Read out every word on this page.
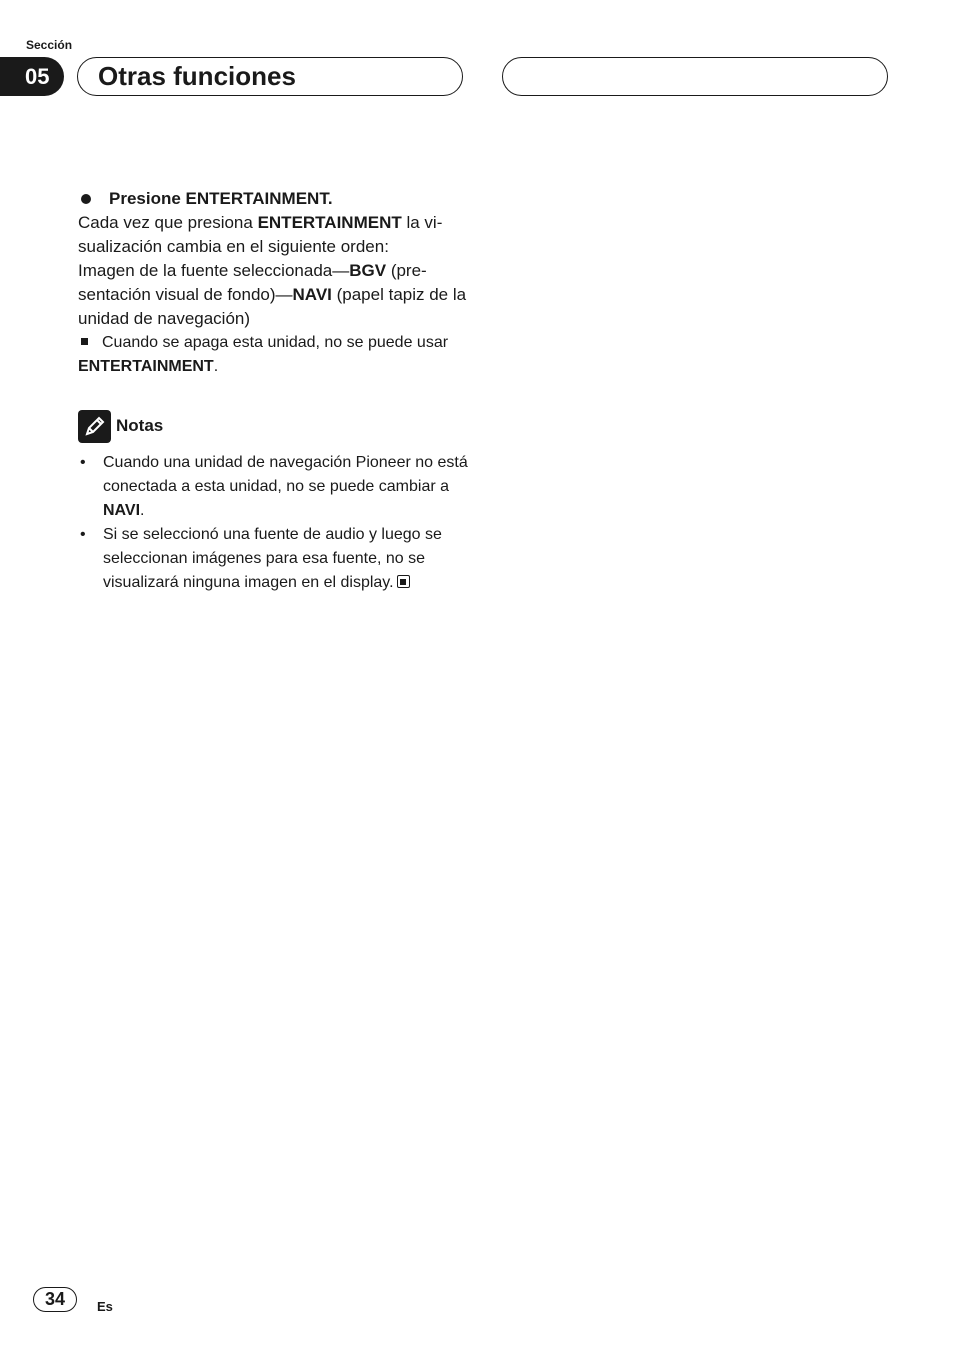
Sección
05	Otras funciones
Presione ENTERTAINMENT.

Cada vez que presiona ENTERTAINMENT la vi-sualización cambia en el siguiente orden:

Imagen de la fuente seleccionada—BGV (pre-sentación visual de fondo)—NAVI (papel tapiz de la unidad de navegación)

Cuando se apaga esta unidad, no se puede usar ENTERTAINMENT.

Notas
• Cuando una unidad de navegación Pioneer no está conectada a esta unidad, no se puede cambiar a NAVI.
• Si se seleccionó una fuente de audio y luego se seleccionan imágenes para esa fuente, no se visualizará ninguna imagen en el display.
34	Es
